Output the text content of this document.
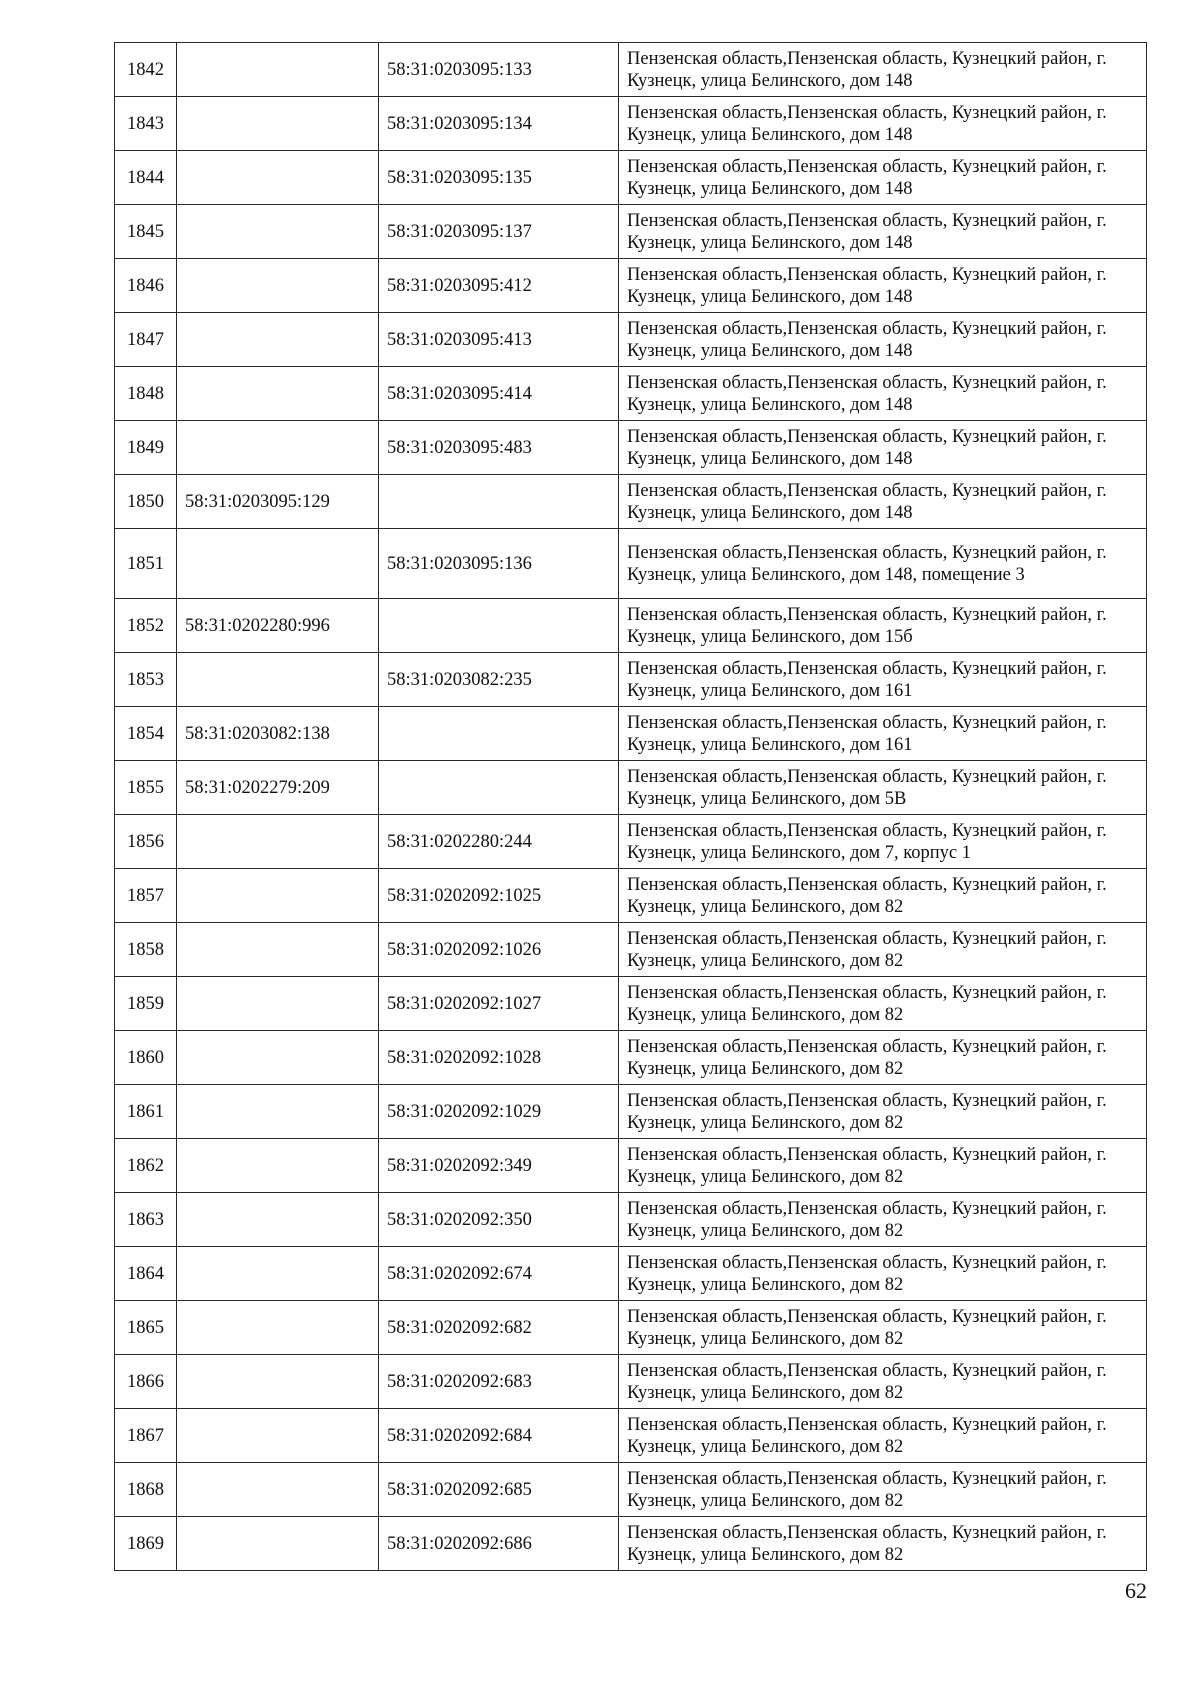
1842		58:31:0203095:133	Пензенская область,Пензенская область, Кузнецкий район, г. Кузнецк, улица Белинского, дом 148
1843		58:31:0203095:134	Пензенская область,Пензенская область, Кузнецкий район, г. Кузнецк, улица Белинского, дом 148
1844		58:31:0203095:135	Пензенская область,Пензенская область, Кузнецкий район, г. Кузнецк, улица Белинского, дом 148
1845		58:31:0203095:137	Пензенская область,Пензенская область, Кузнецкий район, г. Кузнецк, улица Белинского, дом 148
1846		58:31:0203095:412	Пензенская область,Пензенская область, Кузнецкий район, г. Кузнецк, улица Белинского, дом 148
1847		58:31:0203095:413	Пензенская область,Пензенская область, Кузнецкий район, г. Кузнецк, улица Белинского, дом 148
1848		58:31:0203095:414	Пензенская область,Пензенская область, Кузнецкий район, г. Кузнецк, улица Белинского, дом 148
1849		58:31:0203095:483	Пензенская область,Пензенская область, Кузнецкий район, г. Кузнецк, улица Белинского, дом 148
1850	58:31:0203095:129		Пензенская область,Пензенская область, Кузнецкий район, г. Кузнецк, улица Белинского, дом 148
1851		58:31:0203095:136	Пензенская область,Пензенская область, Кузнецкий район, г. Кузнецк, улица Белинского, дом 148, помещение 3
1852	58:31:0202280:996		Пензенская область,Пензенская область, Кузнецкий район, г. Кузнецк, улица Белинского, дом 15б
1853		58:31:0203082:235	Пензенская область,Пензенская область, Кузнецкий район, г. Кузнецк, улица Белинского, дом 161
1854	58:31:0203082:138		Пензенская область,Пензенская область, Кузнецкий район, г. Кузнецк, улица Белинского, дом 161
1855	58:31:0202279:209		Пензенская область,Пензенская область, Кузнецкий район, г. Кузнецк, улица Белинского, дом 5В
1856		58:31:0202280:244	Пензенская область,Пензенская область, Кузнецкий район, г. Кузнецк, улица Белинского, дом 7, корпус 1
1857		58:31:0202092:1025	Пензенская область,Пензенская область, Кузнецкий район, г. Кузнецк, улица Белинского, дом 82
1858		58:31:0202092:1026	Пензенская область,Пензенская область, Кузнецкий район, г. Кузнецк, улица Белинского, дом 82
1859		58:31:0202092:1027	Пензенская область,Пензенская область, Кузнецкий район, г. Кузнецк, улица Белинского, дом 82
1860		58:31:0202092:1028	Пензенская область,Пензенская область, Кузнецкий район, г. Кузнецк, улица Белинского, дом 82
1861		58:31:0202092:1029	Пензенская область,Пензенская область, Кузнецкий район, г. Кузнецк, улица Белинского, дом 82
1862		58:31:0202092:349	Пензенская область,Пензенская область, Кузнецкий район, г. Кузнецк, улица Белинского, дом 82
1863		58:31:0202092:350	Пензенская область,Пензенская область, Кузнецкий район, г. Кузнецк, улица Белинского, дом 82
1864		58:31:0202092:674	Пензенская область,Пензенская область, Кузнецкий район, г. Кузнецк, улица Белинского, дом 82
1865		58:31:0202092:682	Пензенская область,Пензенская область, Кузнецкий район, г. Кузнецк, улица Белинского, дом 82
1866		58:31:0202092:683	Пензенская область,Пензенская область, Кузнецкий район, г. Кузнецк, улица Белинского, дом 82
1867		58:31:0202092:684	Пензенская область,Пензенская область, Кузнецкий район, г. Кузнецк, улица Белинского, дом 82
1868		58:31:0202092:685	Пензенская область,Пензенская область, Кузнецкий район, г. Кузнецк, улица Белинского, дом 82
1869		58:31:0202092:686	Пензенская область,Пензенская область, Кузнецкий район, г. Кузнецк, улица Белинского, дом 82
62
